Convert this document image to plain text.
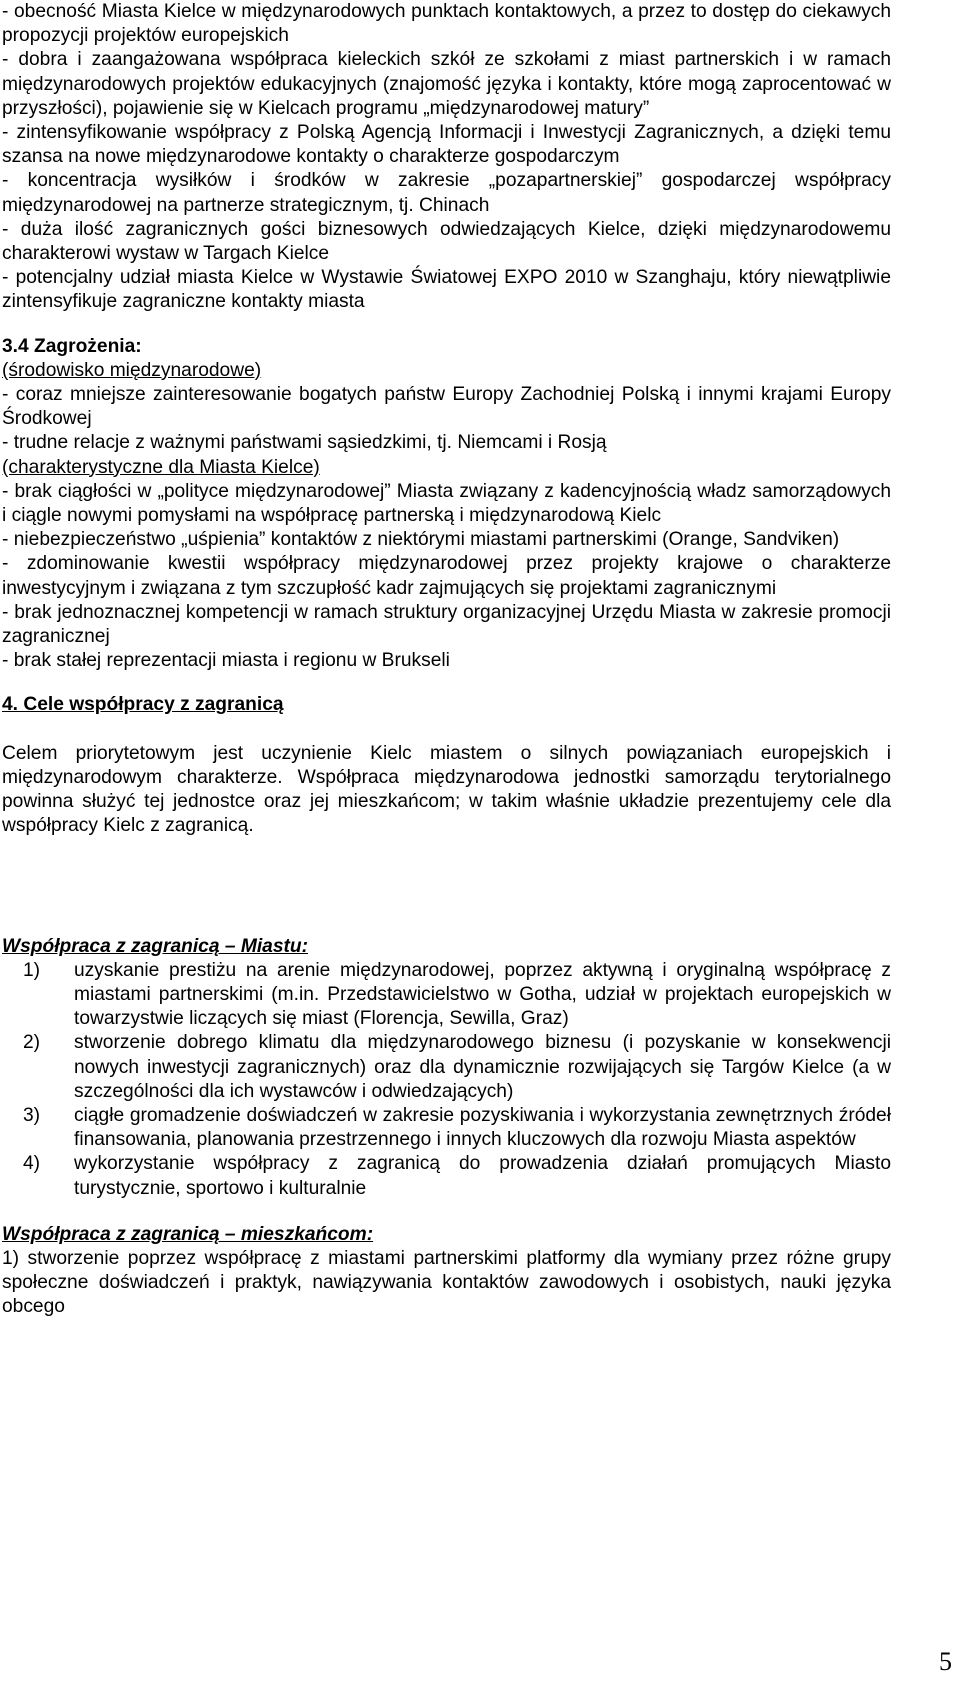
- obecność Miasta Kielce w międzynarodowych punktach kontaktowych, a przez to dostęp do ciekawych propozycji projektów europejskich

- dobra i zaangażowana współpraca kieleckich szkół ze szkołami z miast partnerskich i w ramach międzynarodowych projektów edukacyjnych (znajomość języka i kontakty, które mogą zaprocentować w przyszłości), pojawienie się w Kielcach programu „międzynarodowej matury”

- zintensyfikowanie współpracy z Polską Agencją Informacji i Inwestycji Zagranicznych, a dzięki temu szansa na nowe międzynarodowe kontakty o charakterze gospodarczym

- koncentracja wysiłków i środków w zakresie „pozapartnerskiej” gospodarczej współpracy międzynarodowej na partnerze strategicznym, tj. Chinach

- duża ilość zagranicznych gości biznesowych odwiedzających Kielce, dzięki międzynarodowemu charakterowi wystaw w Targach Kielce

- potencjalny udział miasta Kielce w Wystawie Światowej EXPO 2010 w Szanghaju, który niewątpliwie zintensyfikuje zagraniczne kontakty miasta

3.4 Zagrożenia:

(środowisko międzynarodowe)

- coraz mniejsze zainteresowanie bogatych państw Europy Zachodniej Polską i innymi krajami Europy Środkowej

- trudne relacje z ważnymi państwami sąsiedzkimi, tj. Niemcami i Rosją

(charakterystyczne dla Miasta Kielce)

- brak ciągłości w „polityce międzynarodowej” Miasta związany z kadencyjnością władz samorządowych i ciągle nowymi pomysłami na współpracę partnerską i międzynarodową Kielc

- niebezpieczeństwo „uśpienia” kontaktów z niektórymi miastami partnerskimi (Orange, Sandviken)

- zdominowanie kwestii współpracy międzynarodowej przez projekty krajowe o charakterze inwestycyjnym i związana z tym szczupłość kadr zajmujących się projektami zagranicznymi

- brak jednoznacznej kompetencji w ramach struktury organizacyjnej Urzędu Miasta w zakresie promocji zagranicznej

- brak stałej reprezentacji miasta i regionu w Brukseli

4. Cele współpracy z zagranicą

Celem priorytetowym jest uczynienie Kielc miastem o silnych powiązaniach europejskich i międzynarodowym charakterze. Współpraca międzynarodowa jednostki samorządu terytorialnego powinna służyć tej jednostce oraz jej mieszkańcom; w takim właśnie układzie prezentujemy cele dla współpracy Kielc z zagranicą.

Współpraca z zagranicą – Miastu:

1) uzyskanie prestiżu na arenie międzynarodowej, poprzez aktywną i oryginalną współpracę z miastami partnerskimi (m.in. Przedstawicielstwo w Gotha, udział w projektach europejskich w towarzystwie liczących się miast (Florencja, Sewilla, Graz)
2) stworzenie dobrego klimatu dla międzynarodowego biznesu (i pozyskanie w konsekwencji nowych inwestycji zagranicznych) oraz dla dynamicznie rozwijających się Targów Kielce (a w szczególności dla ich wystawców i odwiedzających)
3) ciągłe gromadzenie doświadczeń w zakresie pozyskiwania i wykorzystania zewnętrznych źródeł finansowania, planowania przestrzennego i innych kluczowych dla rozwoju Miasta aspektów
4) wykorzystanie współpracy z zagranicą do prowadzenia działań promujących Miasto turystycznie, sportowo i kulturalnie

Współpraca z zagranicą – mieszkańcom:

1) stworzenie poprzez współpracę z miastami partnerskimi platformy dla wymiany przez różne grupy społeczne doświadczeń i praktyk, nawiązywania kontaktów zawodowych i osobistych, nauki języka obcego

5
